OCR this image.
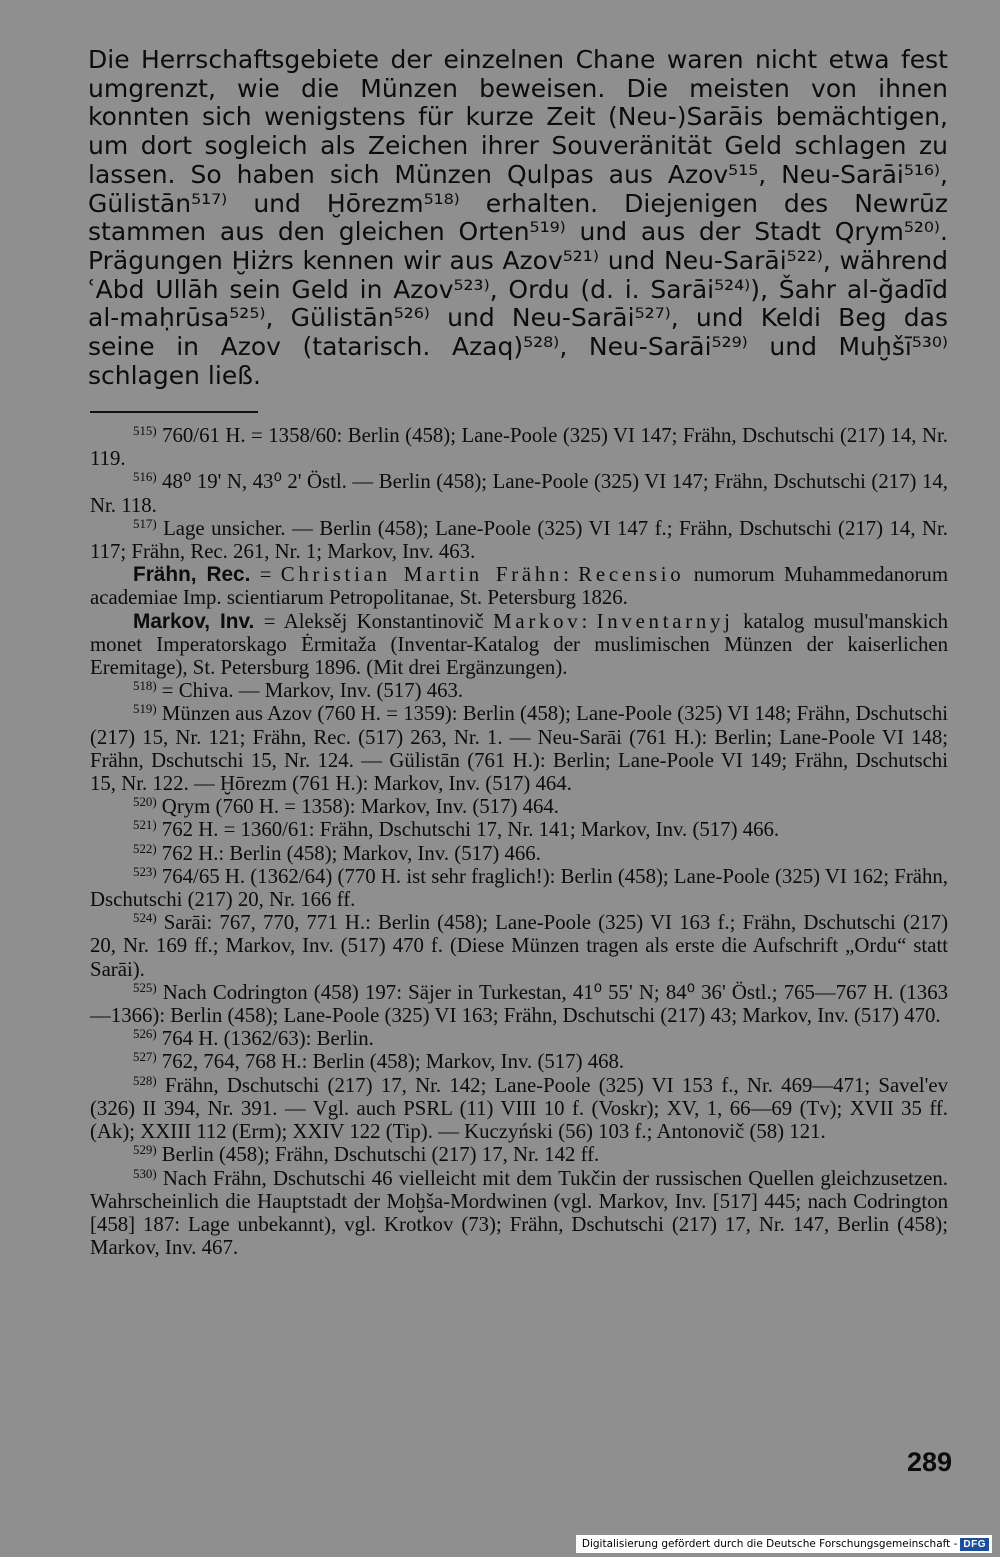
Die Herrschaftsgebiete der einzelnen Chane waren nicht etwa fest umgrenzt, wie die Münzen beweisen. Die meisten von ihnen konnten sich wenigstens für kurze Zeit (Neu-)Sarāis bemächtigen, um dort sogleich als Zeichen ihrer Souveränität Geld schlagen zu lassen. So haben sich Münzen Qulpas aus Azov⁵¹⁵, Neu-Sarāi⁵¹⁶⁾, Gülistān⁵¹⁷⁾ und Ḫōrezm⁵¹⁸⁾ erhalten. Diejenigen des Newrūz stammen aus den gleichen Orten⁵¹⁹⁾ und aus der Stadt Qrym⁵²⁰⁾. Prägungen Ḫiżrs kennen wir aus Azov⁵²¹⁾ und Neu-Sarāi⁵²²⁾, während ʿAbd Ullāh sein Geld in Azov⁵²³⁾, Ordu (d. i. Sarāi⁵²⁴⁾), Šahr al-ğadīd al-maḥrūsa⁵²⁵⁾, Gülistān⁵²⁶⁾ und Neu-Sarāi⁵²⁷⁾, und Keldi Beg das seine in Azov (tatarisch. Azaq)⁵²⁸⁾, Neu-Sarāi⁵²⁹⁾ und Muḫšī⁵³⁰⁾ schlagen ließ.

$^{515)}$ 760/61 H. = 1358/60: Berlin (458); Lane-Poole (325) VI 147; Frähn, Dschutschi (217) 14, Nr. 119.

$^{516)}$ 48⁰ 19' N, 43⁰ 2' Östl. — Berlin (458); Lane-Poole (325) VI 147; Frähn, Dschutschi (217) 14, Nr. 118.

$^{517)}$ Lage unsicher. — Berlin (458); Lane-Poole (325) VI 147 f.; Frähn, Dschutschi (217) 14, Nr. 117; Frähn, Rec. 261, Nr. 1; Markov, Inv. 463.

Frähn, Rec. = Christian Martin Frähn: Recensio numorum Muhammedanorum academiae Imp. scientiarum Petropolitanae, St. Petersburg 1826.

Markov, Inv. = Aleksěj Konstantinovič Markov: Inventarnyj katalog musul'manskich monet Imperatorskago Ėrmitaža (Inventar-Katalog der muslimischen Münzen der kaiserlichen Eremitage), St. Petersburg 1896. (Mit drei Ergänzungen).

$^{518)}$ = Chiva. — Markov, Inv. (517) 463.

$^{519)}$ Münzen aus Azov (760 H. = 1359): Berlin (458); Lane-Poole (325) VI 148; Frähn, Dschutschi (217) 15, Nr. 121; Frähn, Rec. (517) 263, Nr. 1. — Neu-Sarāi (761 H.): Berlin; Lane-Poole VI 148; Frähn, Dschutschi 15, Nr. 124. — Gülistān (761 H.): Berlin; Lane-Poole VI 149; Frähn, Dschutschi 15, Nr. 122. — Ḫōrezm (761 H.): Markov, Inv. (517) 464.

$^{520)}$ Qrym (760 H. = 1358): Markov, Inv. (517) 464.

$^{521)}$ 762 H. = 1360/61: Frähn, Dschutschi 17, Nr. 141; Markov, Inv. (517) 466.

$^{522)}$ 762 H.: Berlin (458); Markov, Inv. (517) 466.

$^{523)}$ 764/65 H. (1362/64) (770 H. ist sehr fraglich!): Berlin (458); Lane-Poole (325) VI 162; Frähn, Dschutschi (217) 20, Nr. 166 ff.

$^{524)}$ Sarāi: 767, 770, 771 H.: Berlin (458); Lane-Poole (325) VI 163 f.; Frähn, Dschutschi (217) 20, Nr. 169 ff.; Markov, Inv. (517) 470 f. (Diese Münzen tragen als erste die Aufschrift „Ordu“ statt Sarāi).

$^{525)}$ Nach Codrington (458) 197: Säjer in Turkestan, 41⁰ 55' N; 84⁰ 36' Östl.; 765—767 H. (1363—1366): Berlin (458); Lane-Poole (325) VI 163; Frähn, Dschutschi (217) 43; Markov, Inv. (517) 470.

$^{526)}$ 764 H. (1362/63): Berlin.

$^{527)}$ 762, 764, 768 H.: Berlin (458); Markov, Inv. (517) 468.

$^{528)}$ Frähn, Dschutschi (217) 17, Nr. 142; Lane-Poole (325) VI 153 f., Nr. 469—471; Savel'ev (326) II 394, Nr. 391. — Vgl. auch PSRL (11) VIII 10 f. (Voskr); XV, 1, 66—69 (Tv); XVII 35 ff. (Ak); XXIII 112 (Erm); XXIV 122 (Tip). — Kuczyński (56) 103 f.; Antonovič (58) 121.

$^{529)}$ Berlin (458); Frähn, Dschutschi (217) 17, Nr. 142 ff.

$^{530)}$ Nach Frähn, Dschutschi 46 vielleicht mit dem Tukčin der russischen Quellen gleichzusetzen. Wahrscheinlich die Hauptstadt der Moḫša-Mordwinen (vgl. Markov, Inv. [517] 445; nach Codrington [458] 187: Lage unbekannt), vgl. Krotkov (73); Frähn, Dschutschi (217) 17, Nr. 147, Berlin (458); Markov, Inv. 467.

289
Digitalisierung gefördert durch die Deutsche Forschungsgemeinschaft - DFG
